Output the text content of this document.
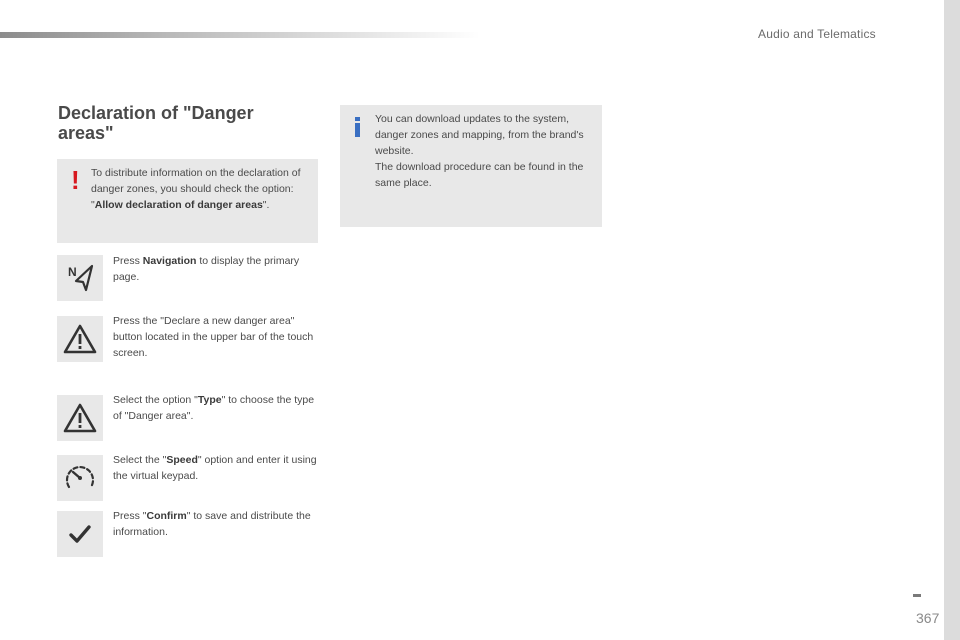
Audio and Telematics
Declaration of "Danger areas"
! To distribute information on the declaration of danger zones, you should check the option: "Allow declaration of danger areas".
You can download updates to the system, danger zones and mapping, from the brand's website.
The download procedure can be found in the same place.
N
Press Navigation to display the primary page.
Press the "Declare a new danger area" button located in the upper bar of the touch screen.
Select the option "Type" to choose the type of "Danger area".
Select the "Speed" option and enter it using the virtual keypad.
Press "Confirm" to save and distribute the information.
367
